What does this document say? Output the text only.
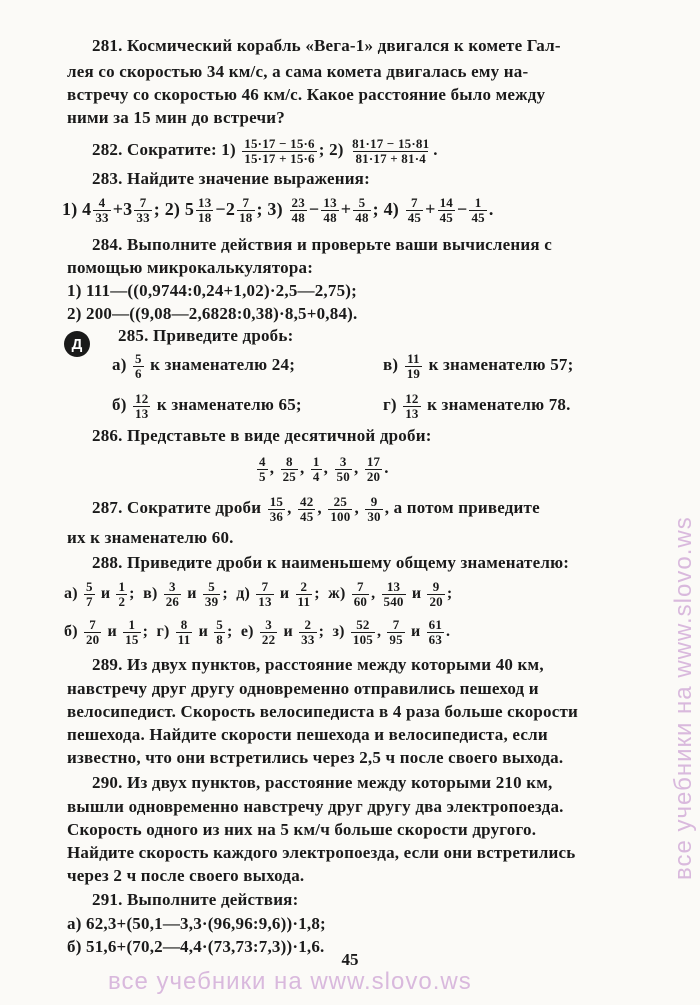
281. Космический корабль «Вега-1» двигался к комете Гал-
лея со скоростью 34 км/с, а сама комета двигалась ему на-
встречу со скоростью 46 км/с. Какое расстояние было между
ними за 15 мин до встречи?
282. Сократите: $1) \frac{15\cdot 17 - 15\cdot 6}{15\cdot 17 + 15\cdot 6}$ ; $2) \frac{81\cdot 17 - 15\cdot 81}{81\cdot 17 + 81\cdot 4}$ .
283. Найдите значение выражения:
1) $4 \frac{4}{33} +3 \frac{7}{33}$ ; 2) $5 \frac{13}{18} -2 \frac{7}{18}$ ; $3) \frac{23}{48} - \frac{13}{48} + \frac{5}{48}$ ; $4) \frac{7}{45} + \frac{14}{45} - \frac{1}{45}$ .
284. Выполните действия и проверьте ваши вычисления с
помощью микрокалькулятора:
1) 111—((0,9744:0,24+1,02)·2,5—2,75);
2) 200—((9,08—2,6828:0,38)·8,5+0,84).
Д	285. Приведите дробь:
$а) \frac{5}{6}$ к знаменателю 24;	$в) \frac{11}{19}$ к знаменателю 57;
$б) \frac{12}{13}$ к знаменателю 65;	$г) \frac{12}{13}$ к знаменателю 78.
286. Представьте в виде десятичной дроби:
$\frac{4}{5}$ , $\frac{8}{25}$ , $\frac{1}{4}$ , $\frac{3}{50}$ , $\frac{17}{20}$ .
287. Сократите дроби $\frac{15}{36}$ , $\frac{42}{45}$ , $\frac{25}{100}$ , $\frac{9}{30}$ , а потом приведите
их к знаменателю 60.
288. Приведите дроби к наименьшему общему знаменателю:
$а) \frac{5}{7}$ и $\frac{1}{2}$ ;  $в) \frac{3}{26}$ и $\frac{5}{39}$ ;  $д) \frac{7}{13}$ и $\frac{2}{11}$ ;  $ж) \frac{7}{60}$ , $\frac{13}{540}$ и $\frac{9}{20}$ ;
$б) \frac{7}{20}$ и $\frac{1}{15}$ ;  $г) \frac{8}{11}$ и $\frac{5}{8}$ ;  $е) \frac{3}{22}$ и $\frac{2}{33}$ ;  $з) \frac{52}{105}$ , $\frac{7}{95}$ и $\frac{61}{63}$ .
289. Из двух пунктов, расстояние между которыми 40 км,
навстречу друг другу одновременно отправились пешеход и
велосипедист. Скорость велосипедиста в 4 раза больше скорости
пешехода. Найдите скорости пешехода и велосипедиста, если
известно, что они встретились через 2,5 ч после своего выхода.
290. Из двух пунктов, расстояние между которыми 210 км,
вышли одновременно навстречу друг другу два электропоезда.
Скорость одного из них на 5 км/ч больше скорости другого.
Найдите скорость каждого электропоезда, если они встретились
через 2 ч после своего выхода.
291. Выполните действия:
а) 62,3+(50,1—3,3·(96,96:9,6))·1,8;
б) 51,6+(70,2—4,4·(73,73:7,3))·1,6.
45
все учебники на www.slovo.ws
все учебники на www.slovo.ws
